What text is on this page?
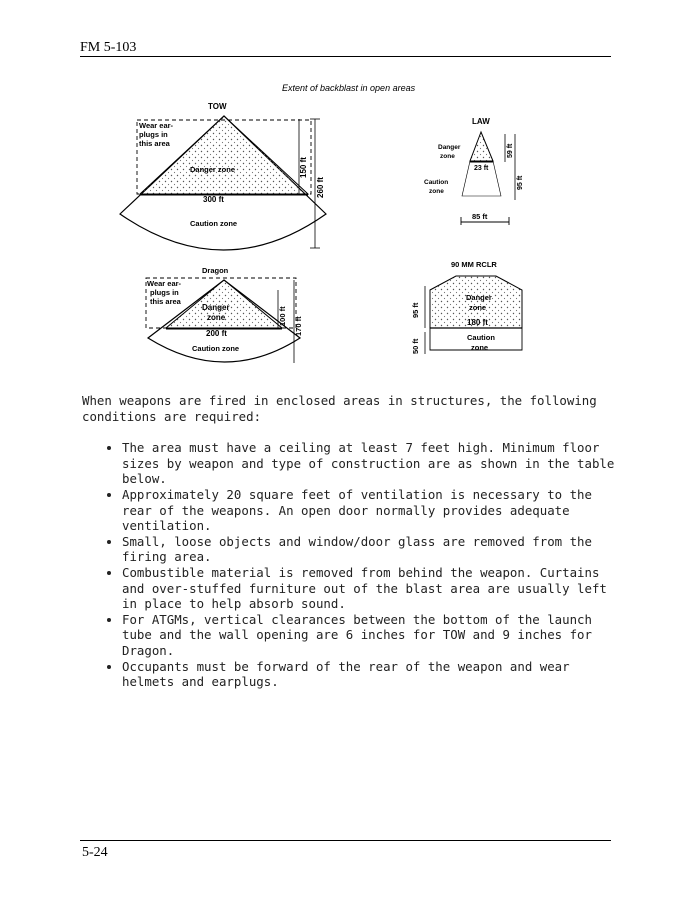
FM 5-103
Extent of backblast in open areas
TOW
Wear ear- plugs in this area
Danger zone
300 ft
Caution zone
150 ft
260 ft
LAW
Danger zone
23 ft
Caution zone
59 ft
95 ft
85 ft
Dragon
Wear ear- plugs in this area
Danger zone
200 ft
Caution zone
100 ft
170 ft
90 MM RCLR
Danger zone
180 ft
Caution zone
95 ft
50 ft

When weapons are fired in enclosed areas in structures, the following conditions are required:

• The area must have a ceiling at least 7 feet high. Minimum floor sizes by weapon and type of construction are as shown in the table below.
• Approximately 20 square feet of ventilation is necessary to the rear of the weapons. An open door normally provides adequate ventilation.
• Small, loose objects and window/door glass are removed from the firing area.
• Combustible material is removed from behind the weapon. Curtains and over-stuffed furniture out of the blast area are usually left in place to help absorb sound.
• For ATGMs, vertical clearances between the bottom of the launch tube and the wall opening are 6 inches for TOW and 9 inches for Dragon.
• Occupants must be forward of the rear of the weapon and wear helmets and earplugs.
5-24
